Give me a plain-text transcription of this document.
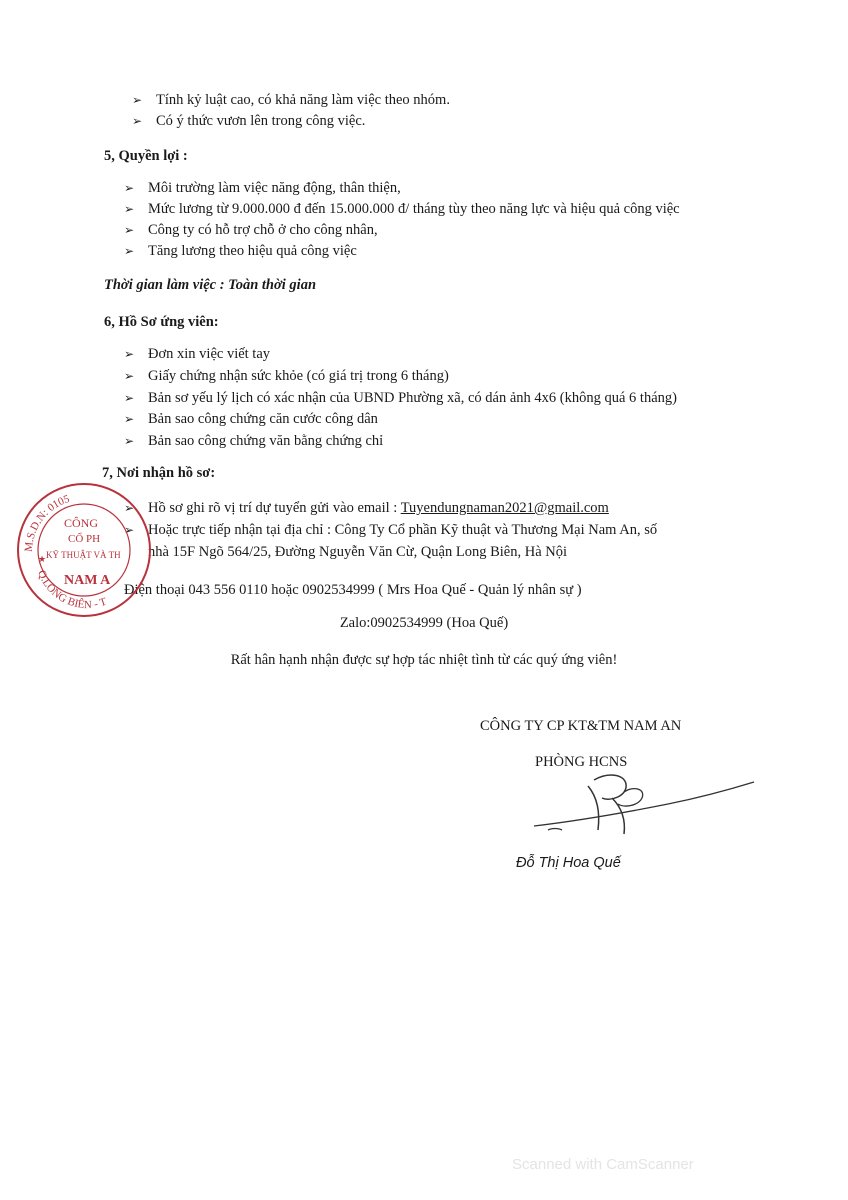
➢ Tính kỷ luật cao, có khả năng làm việc theo nhóm.
➢ Có ý thức vươn lên trong công việc.
5, Quyền lợi :
➢ Môi trường làm việc năng động, thân thiện,
➢ Mức lương từ 9.000.000 đ đến 15.000.000 đ/ tháng tùy theo năng lực và hiệu quả công việc
➢ Công ty có hỗ trợ chỗ ở cho công nhân,
➢ Tăng lương theo hiệu quả công việc
Thời gian làm việc : Toàn thời gian
6, Hồ Sơ ứng viên:
➢ Đơn xin việc viết tay
➢ Giấy chứng nhận sức khỏe (có giá trị trong 6 tháng)
➢ Bản sơ yếu lý lịch có xác nhận của UBND Phường xã, có dán ảnh 4x6 (không quá 6 tháng)
➢ Bản sao công chứng căn cước công dân
➢ Bản sao công chứng văn bằng chứng chỉ
7, Nơi nhận hồ sơ:
➢ Hồ sơ ghi rõ vị trí dự tuyển gửi vào email : Tuyendungnaman2021@gmail.com
➢ Hoặc trực tiếp nhận tại địa chỉ : Công Ty Cổ phần Kỹ thuật và Thương Mại Nam An, số
nhà 15F Ngõ 564/25, Đường Nguyễn Văn Cừ, Quận Long Biên, Hà Nội
Điện thoại 043 556 0110 hoặc 0902534999 ( Mrs Hoa Quế - Quản lý nhân sự )
Zalo:0902534999 (Hoa Quế)
Rất hân hạnh nhận được sự hợp tác nhiệt tình từ các quý ứng viên!
CÔNG TY CP KT&TM NAM AN
PHÒNG HCNS
Đỗ Thị Hoa Quế
M.S.D.N: 0105
Q.LONG BIÊN - T
CÔNG
CỔ PH
KỸ THUẬT VÀ TH
NAM A
★
Scanned with CamScanner
